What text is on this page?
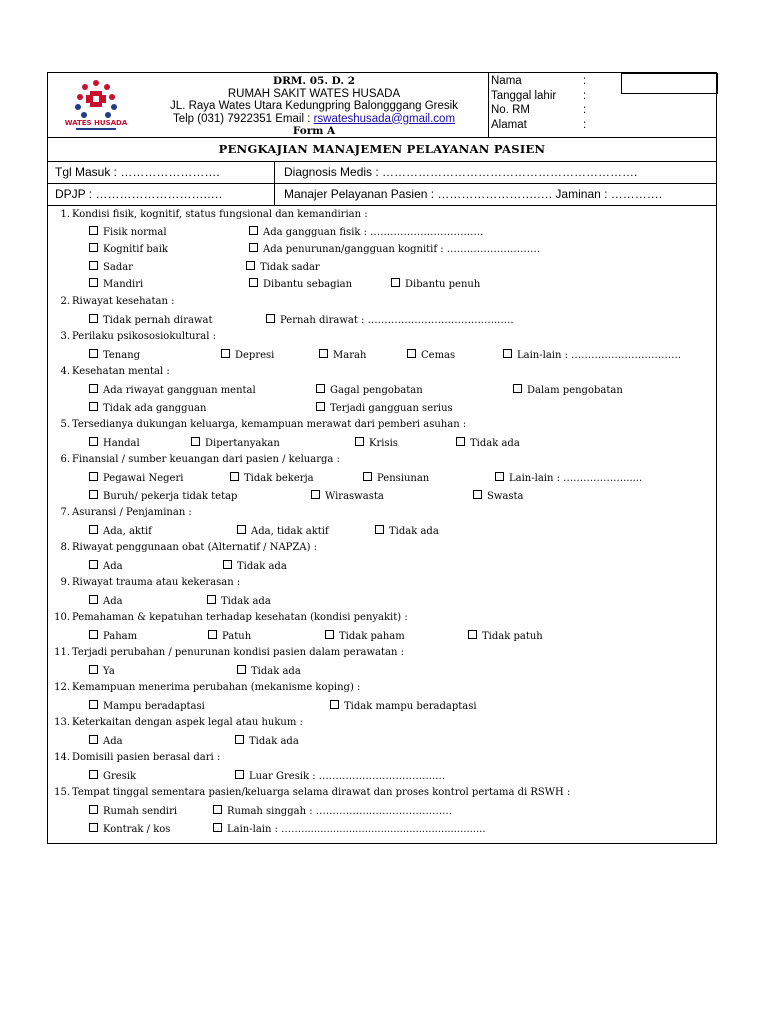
WATES HUSADA
DRM. 05. D. 2
RUMAH SAKIT WATES HUSADA
JL. Raya Wates Utara Kedungpring Balongggang Gresik
Telp (031) 7922351 Email : rswateshusada@gmail.com
Form A
Nama	:
Tanggal lahir :
No. RM	:
Alamat	:
PENGKAJIAN MANAJEMEN PELAYANAN PASIEN
Tgl Masuk : …………………….	Diagnosis Medis : ……………………………………………………….
DPJP : ……………………….….	Manajer Pelayanan Pasien : …………………….…. Jaminan : ………….
1. Kondisi fisik, kognitif, status fungsional dan kemandirian :
2. Riwayat kesehatan :
3. Perilaku psikososiokultural :
4. Kesehatan mental :
5. Tersedianya dukungan keluarga, kemampuan merawat dari pemberi asuhan :
6. Finansial / sumber keuangan dari pasien / keluarga :
7. Asuransi / Penjaminan :
8. Riwayat penggunaan obat (Alternatif / NAPZA) :
9. Riwayat trauma atau kekerasan :
10. Pemahaman & kepatuhan terhadap kesehatan (kondisi penyakit) :
11. Terjadi perubahan / penurunan kondisi pasien dalam perawatan :
12. Kemampuan menerima perubahan (mekanisme koping) :
13. Keterkaitan dengan aspek legal atau hukum :
14. Domisili pasien berasal dari :
15. Tempat tinggal sementara pasien/keluarga selama dirawat dan proses kontrol pertama di RSWH :
Fisik normal	Ada gangguan fisik : …………………………….
Kognitif baik	Ada penurunan/gangguan kognitif : ……………………….
Sadar	Tidak sadar
Mandiri	Dibantu sebagian	Dibantu penuh
Tidak pernah dirawat	Pernah dirawat : ……………………………..….…..
Tenang	Depresi	Marah	Cemas	Lain-lain : ……………………………
Ada riwayat gangguan mental	Gagal pengobatan	Dalam pengobatan
Tidak ada gangguan	Terjadi gangguan serius
Handal	Dipertanyakan	Krisis	Tidak ada
Pegawai Negeri	Tidak bekerja	Pensiunan	Lain-lain : ………………......
Buruh/ pekerja tidak tetap	Wiraswasta	Swasta
Ada, aktif	Ada, tidak aktif	Tidak ada
Ada	Tidak ada
Ada	Tidak ada
Paham	Patuh	Tidak paham	Tidak patuh
Ya	Tidak ada
Mampu beradaptasi	Tidak mampu beradaptasi
Ada	Tidak ada
Gresik	Luar Gresik : ……………………………..…
Rumah sendiri	Rumah singgah : ……………..……………………
Kontrak / kos	Lain-lain : ……..........................................................
